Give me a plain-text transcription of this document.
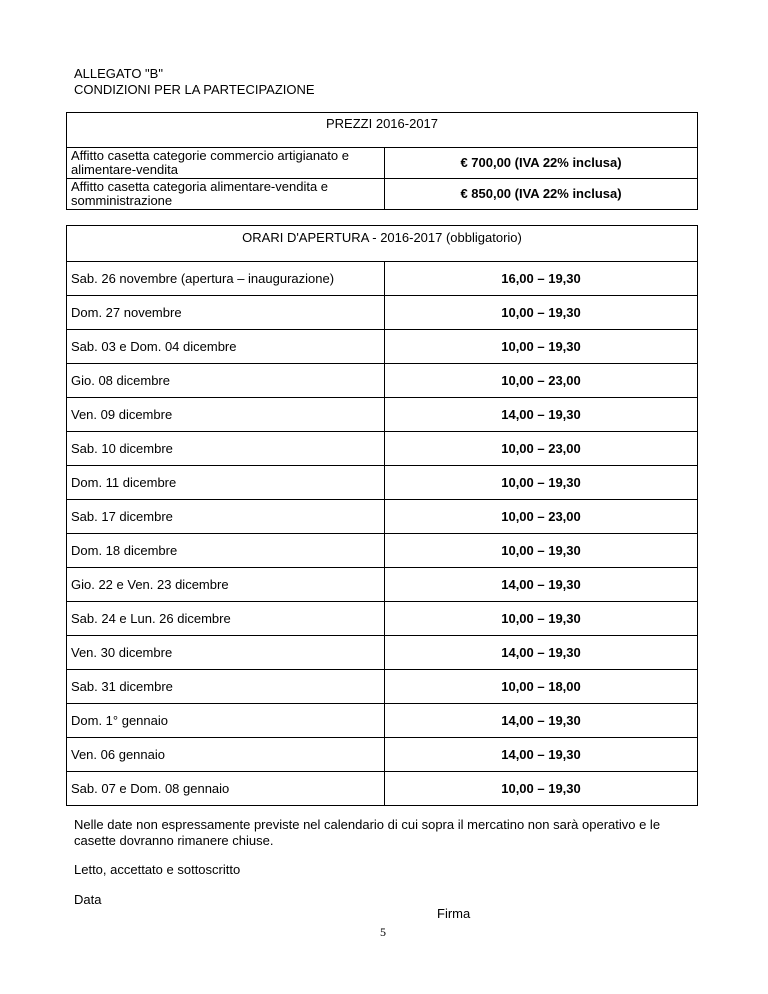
ALLEGATO "B"
CONDIZIONI PER LA PARTECIPAZIONE
PREZZI 2016-2017	
Affitto casetta categorie commercio artigianato e alimentare-vendita	€ 700,00 (IVA 22% inclusa)
Affitto casetta categoria alimentare-vendita e somministrazione	€ 850,00 (IVA 22% inclusa)
ORARI D'APERTURA - 2016-2017 (obbligatorio)	
Sab. 26 novembre (apertura – inaugurazione)	16,00 – 19,30
Dom. 27 novembre	10,00 – 19,30
Sab. 03 e Dom. 04 dicembre	10,00 – 19,30
Gio. 08 dicembre	10,00 – 23,00
Ven. 09 dicembre	14,00 – 19,30
Sab. 10 dicembre	10,00 – 23,00
Dom. 11 dicembre	10,00 – 19,30
Sab. 17 dicembre	10,00 – 23,00
Dom. 18 dicembre	10,00 – 19,30
Gio. 22 e Ven. 23 dicembre	14,00 – 19,30
Sab. 24 e Lun. 26 dicembre	10,00 – 19,30
Ven. 30 dicembre	14,00 – 19,30
Sab. 31 dicembre	10,00 – 18,00
Dom. 1° gennaio	14,00 – 19,30
Ven. 06 gennaio	14,00 – 19,30
Sab. 07 e Dom. 08 gennaio	10,00 – 19,30
Nelle date non espressamente previste nel calendario di cui sopra il mercatino non sarà operativo e le casette dovranno rimanere chiuse.
Letto, accettato e sottoscritto
Data
Firma
5
